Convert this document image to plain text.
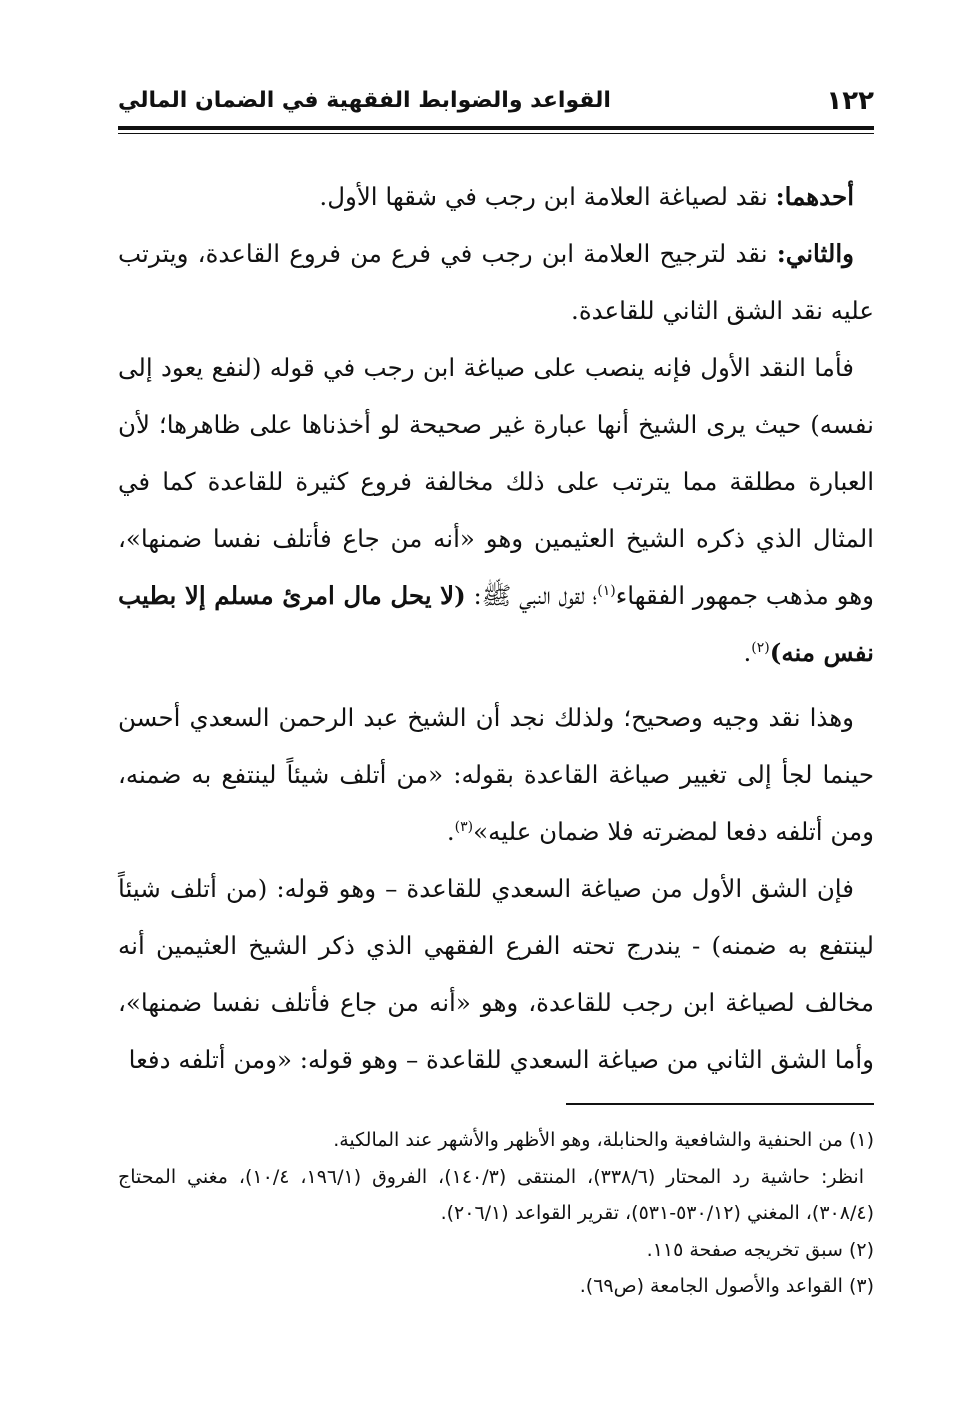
١٢٢
القواعد والضوابط الفقهية في الضمان المالي

أحدهما: نقد لصياغة العلامة ابن رجب في شقها الأول.

والثاني: نقد لترجيح العلامة ابن رجب في فرع من فروع القاعدة، ويترتب عليه نقد الشق الثاني للقاعدة.

فأما النقد الأول فإنه ينصب على صياغة ابن رجب في قوله (لنفع يعود إلى نفسه) حيث يرى الشيخ أنها عبارة غير صحيحة لو أخذناها على ظاهرها؛ لأن العبارة مطلقة مما يترتب على ذلك مخالفة فروع كثيرة للقاعدة كما في المثال الذي ذكره الشيخ العثيمين وهو «أنه من جاع فأتلف نفسا ضمنها»، وهو مذهب جمهور الفقهاء$^{(١)}$؛ لقول النبي ﷺ: (لا يحل مال امرئ مسلم إلا بطيب نفس منه)$^{(٢)}$.

وهذا نقد وجيه وصحيح؛ ولذلك نجد أن الشيخ عبد الرحمن السعدي أحسن حينما لجأ إلى تغيير صياغة القاعدة بقوله: «من أتلف شيئاً لينتفع به ضمنه، ومن أتلفه دفعا لمضرته فلا ضمان عليه»$^{(٣)}$.

فإن الشق الأول من صياغة السعدي للقاعدة – وهو قوله: (من أتلف شيئاً لينتفع به ضمنه) - يندرج تحته الفرع الفقهي الذي ذكر الشيخ العثيمين أنه مخالف لصياغة ابن رجب للقاعدة، وهو «أنه من جاع فأتلف نفسا ضمنها»، وأما الشق الثاني من صياغة السعدي للقاعدة – وهو قوله: «ومن أتلفه دفعا

(١) من الحنفية والشافعية والحنابلة، وهو الأظهر والأشهر عند المالكية.

انظر: حاشية رد المحتار (٣٣٨/٦)، المنتقى (١٤٠/٣)، الفروق (١٩٦/١، ١٠/٤)، مغني المحتاج (٣٠٨/٤)، المغني (٥٣٠/١٢-٥٣١)، تقرير القواعد (٢٠٦/١).

(٢) سبق تخريجه صفحة ١١٥.

(٣) القواعد والأصول الجامعة (ص٦٩).
